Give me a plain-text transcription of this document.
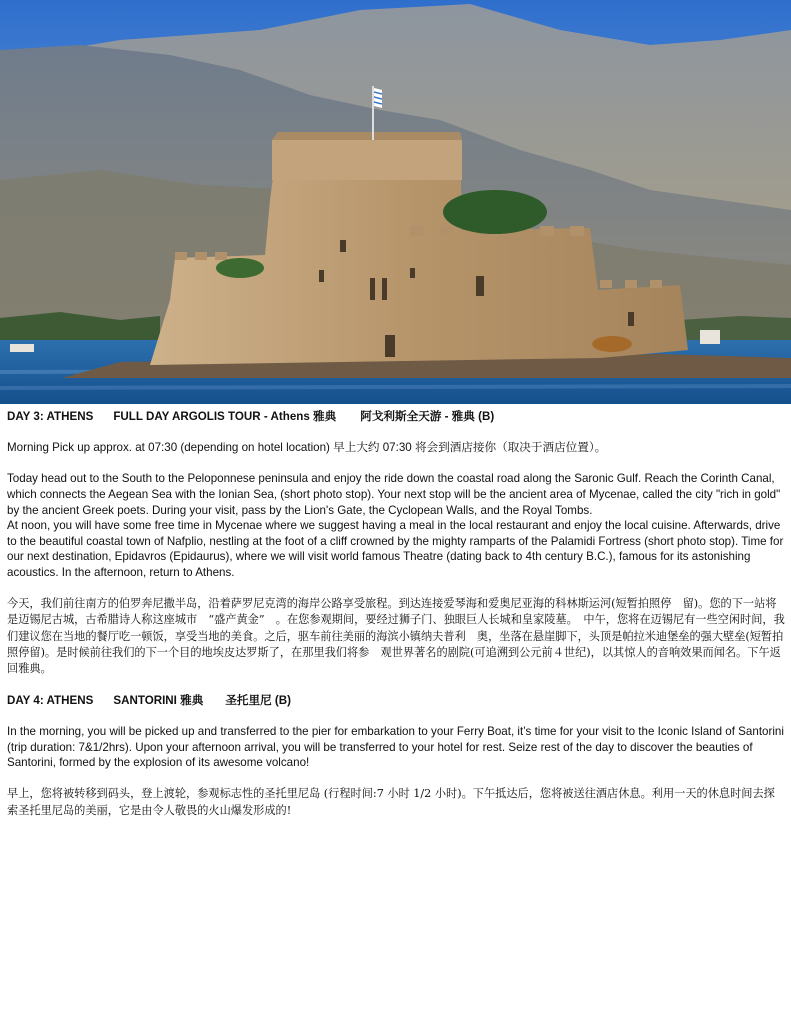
DAY 3: ATHENS FULL DAY ARGOLIS TOUR - Athens 雅典 阿戈利斯全天游 - 雅典 (B)

Morning Pick up approx. at 07:30 (depending on hotel location) 早上大约 07:30 将会到酒店接你（取决于酒店位置）。

Today head out to the South to the Peloponnese peninsula and enjoy the ride down the coastal road along the Saronic Gulf. Reach the Corinth Canal, which connects the Aegean Sea with the Ionian Sea, (short photo stop). Your next stop will be the ancient area of Mycenae, called the city "rich in gold" by the ancient Greek poets. During your visit, pass by the Lion's Gate, the Cyclopean Walls, and the Royal Tombs.

At noon, you will have some free time in Mycenae where we suggest having a meal in the local restaurant and enjoy the local cuisine. Afterwards, drive to the beautiful coastal town of Nafplio, nestling at the foot of a cliff crowned by the mighty ramparts of the Palamidi Fortress (short photo stop). Time for our next destination, Epidavros (Epidaurus), where we will visit world famous Theatre (dating back to 4th century B.C.), famous for its astonishing acoustics. In the afternoon, return to Athens.

今天，我们前往南方的伯罗奔尼撒半岛，沿着萨罗尼克湾的海岸公路享受旅程。到达连接爱琴海和爱奥尼亚海的科林斯运河(短暂拍照停　留)。您的下一站将是迈锡尼古城，古希腊诗人称这座城市　“盛产黄金”　。在您参观期间，要经过狮子门、独眼巨人长城和皇家陵墓。　中午，您将在迈锡尼有一些空闲时间，我们建议您在当地的餐厅吃一顿饭，享受当地的美食。之后，驱车前往美丽的海滨小镇纳夫普利　奥，坐落在悬崖脚下，头顶是帕拉米迪堡垒的强大壁垒(短暂拍照停留)。是时候前往我们的下一个目的地埃皮达罗斯了，在那里我们将参　观世界著名的剧院(可追溯到公元前４世纪)，以其惊人的音响效果而闻名。下午返回雅典。

DAY 4: ATHENS SANTORINI 雅典 圣托里尼 (B)

In the morning, you will be picked up and transferred to the pier for embarkation to your Ferry Boat, it’s time for your visit to the Iconic Island of Santorini (trip duration: 7&1/2hrs). Upon your afternoon arrival, you will be transferred to your hotel for rest. Seize rest of the day to discover the beauties of Santorini, formed by the explosion of its awesome volcano!

早上，您将被转移到码头，登上渡轮，参观标志性的圣托里尼岛 (行程时间:7 小时 1/2 小时)。下午抵达后，您将被送往酒店休息。利用一天的休息时间去探索圣托里尼岛的美丽，它是由令人敬畏的火山爆发形成的!
